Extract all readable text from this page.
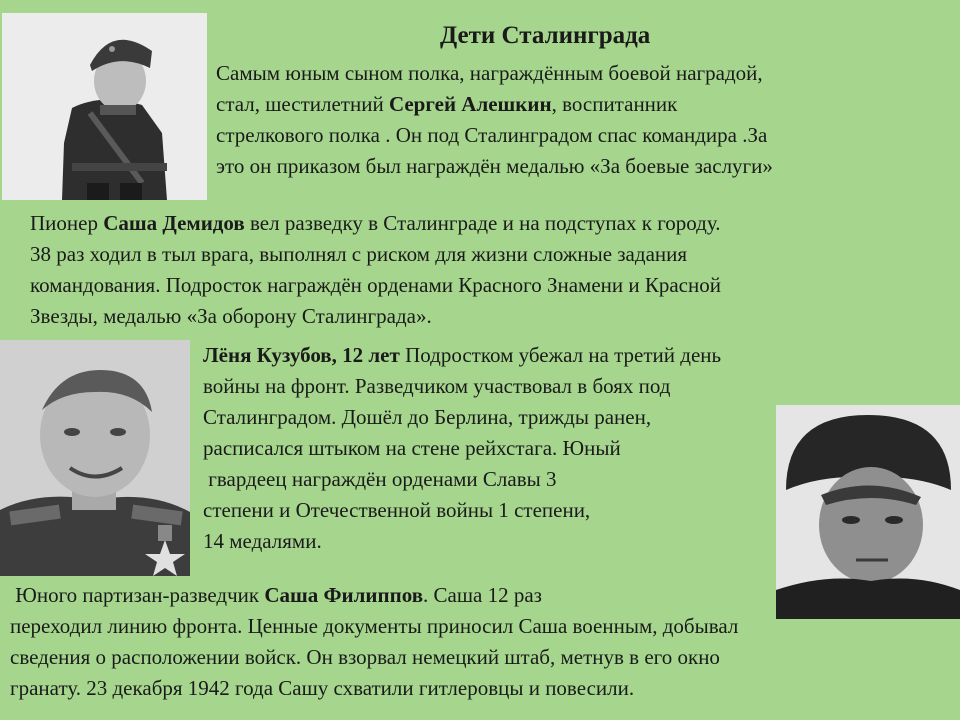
Дети Сталинграда
Самым юным сыном полка, награждённым боевой наградой,
стал, шестилетний Сергей Алешкин, воспитанник
стрелкового полка . Он под Сталинградом спас командира .За
это он приказом был награждён медалью «За боевые заслуги»
Пионер Саша Демидов вел разведку в Сталинграде и на подступах к городу.
38 раз ходил в тыл врага, выполнял с риском для жизни сложные задания
командования. Подросток награждён орденами Красного Знамени и Красной
Звезды, медалью «За оборону Сталинграда».
Лёня Кузубов, 12 лет Подростком убежал на третий день
войны на фронт. Разведчиком участвовал в боях под
Сталинградом. Дошёл до Берлина, трижды ранен,
расписался штыком на стене рейхстага. Юный
гвардеец награждён орденами Славы 3
степени и Отечественной войны 1 степени,
14 медалями.
Юного партизан-разведчик Саша Филиппов. Саша 12 раз
переходил линию фронта. Ценные документы приносил Саша военным, добывал
сведения о расположении войск. Он взорвал немецкий штаб, метнув в его окно
гранату. 23 декабря 1942 года Сашу схватили гитлеровцы и повесили.
